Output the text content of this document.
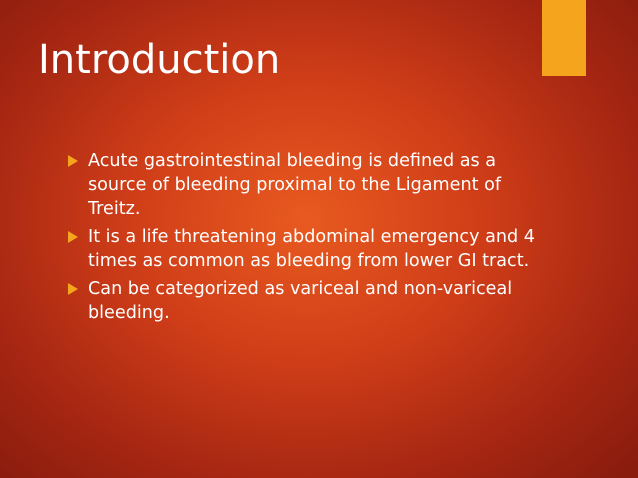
Introduction
Acute gastrointestinal bleeding is defined as a source of bleeding proximal to the Ligament of Treitz.
It is a life threatening abdominal emergency and 4 times as common as bleeding from lower GI tract.
Can be categorized as variceal and non-variceal bleeding.
